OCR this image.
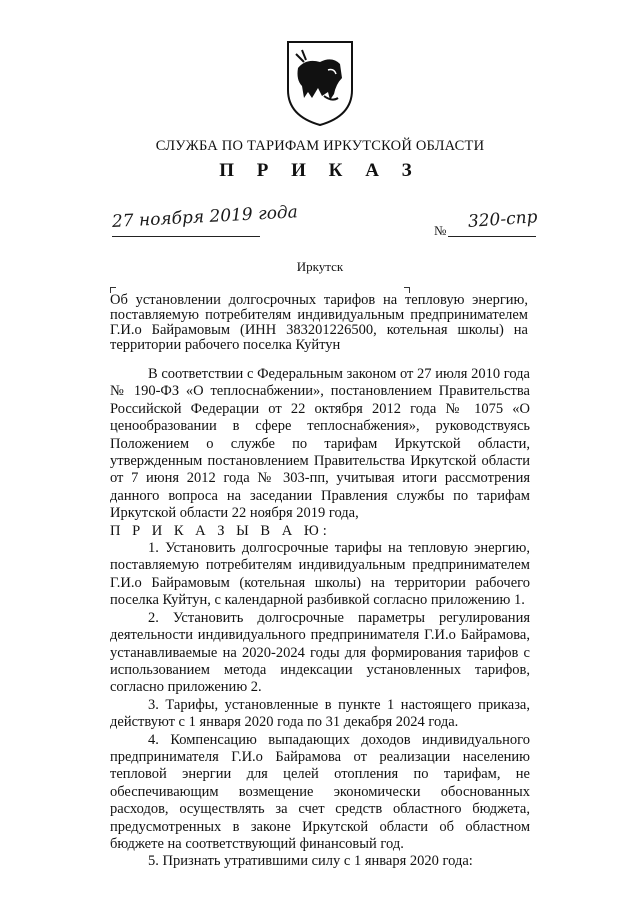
СЛУЖБА ПО ТАРИФАМ ИРКУТСКОЙ ОБЛАСТИ
П Р И К А З
27 ноября 2019 года	№ 320-спр
Иркутск
Об установлении долгосрочных тарифов на тепловую энергию, поставляемую потребителям индивидуальным предпринимателем Г.И.о Байрамовым (ИНН 383201226500, котельная школы) на территории рабочего поселка Куйтун

В соответствии с Федеральным законом от 27 июля 2010 года № 190-ФЗ «О теплоснабжении», постановлением Правительства Российской Федерации от 22 октября 2012 года № 1075 «О ценообразовании в сфере теплоснабжения», руководствуясь Положением о службе по тарифам Иркутской области, утвержденным постановлением Правительства Иркутской области от 7 июня 2012 года № 303-пп, учитывая итоги рассмотрения данного вопроса на заседании Правления службы по тарифам Иркутской области 22 ноября 2019 года,

П Р И К А З Ы В А Ю:

1. Установить долгосрочные тарифы на тепловую энергию, поставляемую потребителям индивидуальным предпринимателем Г.И.о Байрамовым (котельная школы) на территории рабочего поселка Куйтун, с календарной разбивкой согласно приложению 1.

2. Установить долгосрочные параметры регулирования деятельности индивидуального предпринимателя Г.И.о Байрамова, устанавливаемые на 2020-2024 годы для формирования тарифов с использованием метода индексации установленных тарифов, согласно приложению 2.

3. Тарифы, установленные в пункте 1 настоящего приказа, действуют с 1 января 2020 года по 31 декабря 2024 года.

4. Компенсацию выпадающих доходов индивидуального предпринимателя Г.И.о Байрамова от реализации населению тепловой энергии для целей отопления по тарифам, не обеспечивающим возмещение экономически обоснованных расходов, осуществлять за счет средств областного бюджета, предусмотренных в законе Иркутской области об областном бюджете на соответствующий финансовый год.

5. Признать утратившими силу с 1 января 2020 года:
